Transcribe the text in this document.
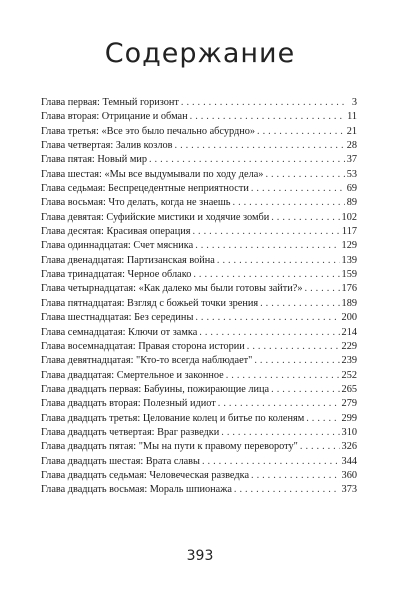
Содержание
Глава первая: Темный горизонт . . .	3
Глава вторая: Отрицание и обман . . .	11
Глава третья: «Все это было печально абсурдно» . . .	21
Глава четвертая: Залив козлов . . .	28
Глава пятая: Новый мир . . .	37
Глава шестая: «Мы все выдумывали по ходу дела» . . .	53
Глава седьмая: Беспрецедентные неприятности . . .	69
Глава восьмая: Что делать, когда не знаешь . . .	89
Глава девятая: Суфийские мистики и ходячие зомби . . .	102
Глава десятая: Красивая операция . . .	117
Глава одиннадцатая: Счет мясника . . .	129
Глава двенадцатая: Партизанская война . . .	139
Глава тринадцатая: Черное облако . . .	159
Глава четырнадцатая: «Как далеко мы были готовы зайти?» . . .	176
Глава пятнадцатая: Взгляд с божьей точки зрения . . .	189
Глава шестнадцатая: Без середины . . .	200
Глава семнадцатая: Ключи от замка . . .	214
Глава восемнадцатая: Правая сторона истории . . .	229
Глава девятнадцатая: "Кто-то всегда наблюдает" . . .	239
Глава двадцатая: Смертельное и законное . . .	252
Глава двадцать первая: Бабуины, пожирающие лица . . .	265
Глава двадцать вторая: Полезный идиот . . .	279
Глава двадцать третья: Целование колец и битье по коленям . . .	299
Глава двадцать четвертая: Враг разведки . . .	310
Глава двадцать пятая: "Мы на пути к правому перевороту" . . .	326
Глава двадцать шестая: Врата славы . . .	344
Глава двадцать седьмая: Человеческая разведка . . .	360
Глава двадцать восьмая: Мораль шпионажа . . .	373
393
